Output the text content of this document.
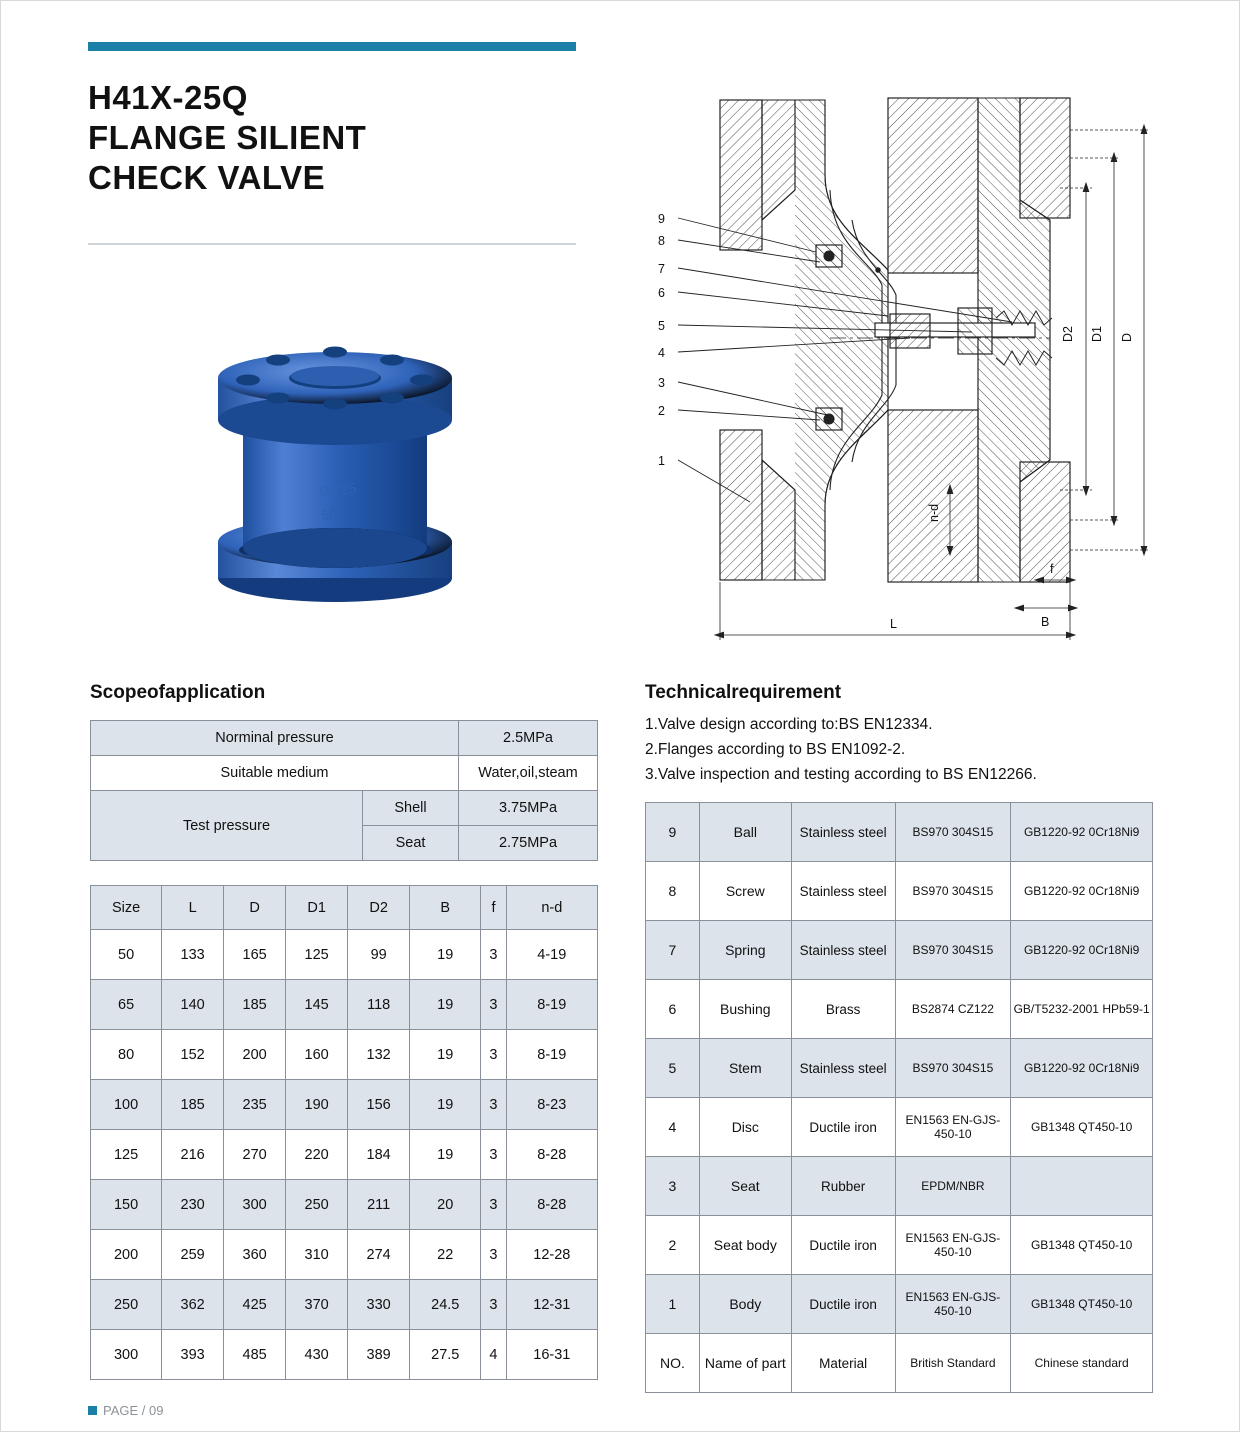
H41X-25Q
FLANGE SILIENT
CHECK VALVE
PN25
50
9
8
7
6
5
4
3
2
1
D2 D1 D
n-d
f
B
L
Scopeofapplication
Norminal pressure		2.5MPa
Suitable medium		Water,oil,steam
Test pressure	Shell	3.75MPa
	Seat	2.75MPa
Size	L	D	D1	D2	B	f	n-d
50	133	165	125	99	19	3	4-19
65	140	185	145	118	19	3	8-19
80	152	200	160	132	19	3	8-19
100	185	235	190	156	19	3	8-23
125	216	270	220	184	19	3	8-28
150	230	300	250	211	20	3	8-28
200	259	360	310	274	22	3	12-28
250	362	425	370	330	24.5	3	12-31
300	393	485	430	389	27.5	4	16-31
Technicalrequirement
1.Valve design according to:BS EN12334.
2.Flanges according to BS EN1092-2.
3.Valve inspection and testing according to BS EN12266.
9	Ball	Stainless steel	BS970 304S15	GB1220-92 0Cr18Ni9
8	Screw	Stainless steel	BS970 304S15	GB1220-92 0Cr18Ni9
7	Spring	Stainless steel	BS970 304S15	GB1220-92 0Cr18Ni9
6	Bushing	Brass	BS2874 CZ122	GB/T5232-2001 HPb59-1
5	Stem	Stainless steel	BS970 304S15	GB1220-92 0Cr18Ni9
4	Disc	Ductile iron	EN1563 EN-GJS-450-10	GB1348 QT450-10
3	Seat	Rubber	EPDM/NBR	
2	Seat body	Ductile iron	EN1563 EN-GJS-450-10	GB1348 QT450-10
1	Body	Ductile iron	EN1563 EN-GJS-450-10	GB1348 QT450-10
NO.	Name of part	Material	British Standard	Chinese standard
PAGE / 09
